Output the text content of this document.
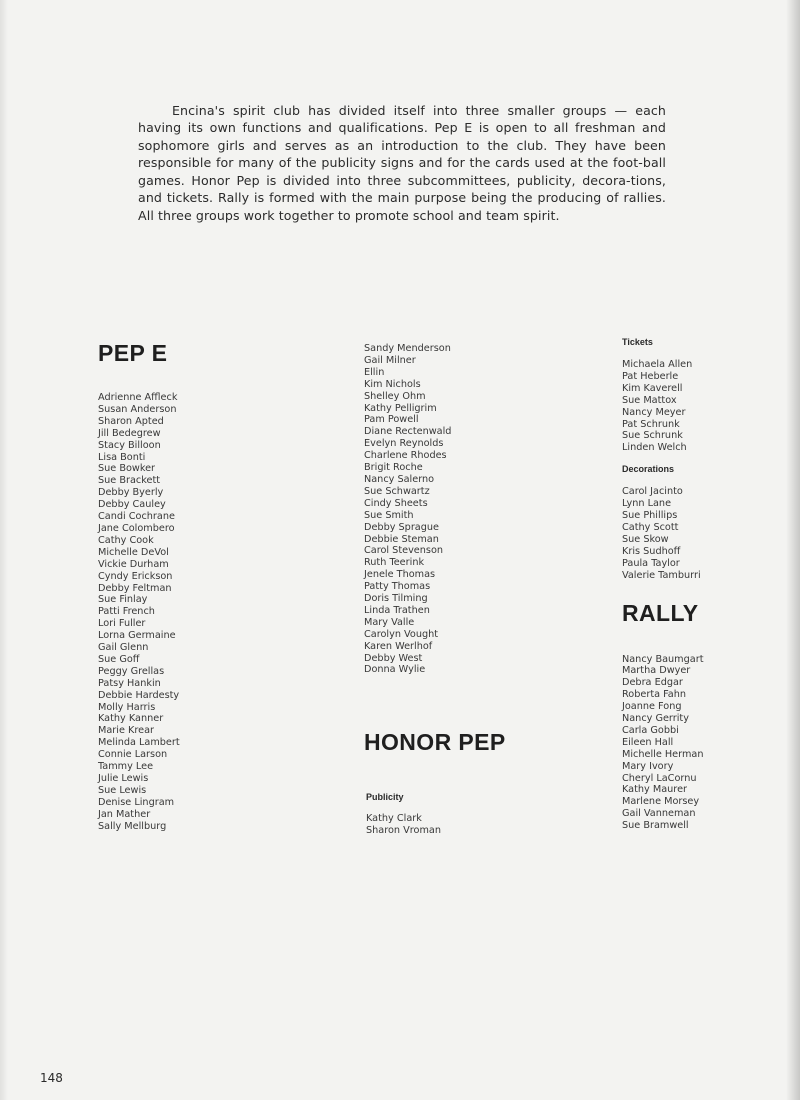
Encina's spirit club has divided itself into three smaller groups — each having its own functions and qualifications. Pep E is open to all freshman and sophomore girls and serves as an introduction to the club. They have been responsible for many of the publicity signs and for the cards used at the foot-ball games. Honor Pep is divided into three subcommittees, publicity, decora-tions, and tickets. Rally is formed with the main purpose being the producing of rallies. All three groups work together to promote school and team spirit.

PEP E
Adrienne Affleck
Susan Anderson
Sharon Apted
Jill Bedegrew
Stacy Billoon
Lisa Bonti
Sue Bowker
Sue Brackett
Debby Byerly
Debby Cauley
Candi Cochrane
Jane Colombero
Cathy Cook
Michelle DeVol
Vickie Durham
Cyndy Erickson
Debby Feltman
Sue Finlay
Patti French
Lori Fuller
Lorna Germaine
Gail Glenn
Sue Goff
Peggy Grellas
Patsy Hankin
Debbie Hardesty
Molly Harris
Kathy Kanner
Marie Krear
Melinda Lambert
Connie Larson
Tammy Lee
Julie Lewis
Sue Lewis
Denise Lingram
Jan Mather
Sally Mellburg
Sandy Menderson
Gail Milner
Ellin
Kim Nichols
Shelley Ohm
Kathy Pelligrim
Pam Powell
Diane Rectenwald
Evelyn Reynolds
Charlene Rhodes
Brigit Roche
Nancy Salerno
Sue Schwartz
Cindy Sheets
Sue Smith
Debby Sprague
Debbie Steman
Carol Stevenson
Ruth Teerink
Jenele Thomas
Patty Thomas
Doris Tilming
Linda Trathen
Mary Valle
Carolyn Vought
Karen Werlhof
Debby West
Donna Wylie
HONOR PEP

Publicity

Kathy Clark
Sharon Vroman

Tickets

Michaela Allen
Pat Heberle
Kim Kaverell
Sue Mattox
Nancy Meyer
Pat Schrunk
Sue Schrunk
Linden Welch

Decorations

Carol Jacinto
Lynn Lane
Sue Phillips
Cathy Scott
Sue Skow
Kris Sudhoff
Paula Taylor
Valerie Tamburri
RALLY
Nancy Baumgart
Martha Dwyer
Debra Edgar
Roberta Fahn
Joanne Fong
Nancy Gerrity
Carla Gobbi
Eileen Hall
Michelle Herman
Mary Ivory
Cheryl LaCornu
Kathy Maurer
Marlene Morsey
Gail Vanneman
Sue Bramwell
148
